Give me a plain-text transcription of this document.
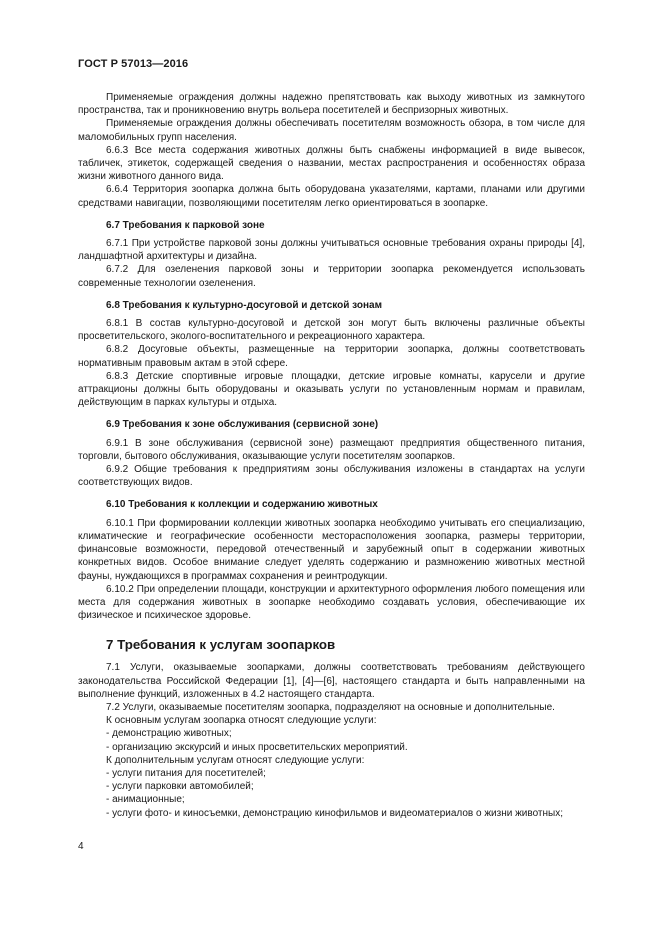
ГОСТ Р 57013—2016

Применяемые ограждения должны надежно препятствовать как выходу животных из замкнутого пространства, так и проникновению внутрь вольера посетителей и беспризорных животных.

Применяемые ограждения должны обеспечивать посетителям возможность обзора, в том числе для маломобильных групп населения.

6.6.3 Все места содержания животных должны быть снабжены информацией в виде вывесок, табличек, этикеток, содержащей сведения о названии, местах распространения и особенностях образа жизни животного данного вида.

6.6.4 Территория зоопарка должна быть оборудована указателями, картами, планами или другими средствами навигации, позволяющими посетителям легко ориентироваться в зоопарке.

6.7 Требования к парковой зоне

6.7.1 При устройстве парковой зоны должны учитываться основные требования охраны природы [4], ландшафтной архитектуры и дизайна.

6.7.2 Для озеленения парковой зоны и территории зоопарка рекомендуется использовать современные технологии озеленения.

6.8 Требования к культурно-досуговой и детской зонам

6.8.1 В состав культурно-досуговой и детской зон могут быть включены различные объекты просветительского, эколого-воспитательного и рекреационного характера.

6.8.2 Досуговые объекты, размещенные на территории зоопарка, должны соответствовать нормативным правовым актам в этой сфере.

6.8.3 Детские спортивные игровые площадки, детские игровые комнаты, карусели и другие аттракционы должны быть оборудованы и оказывать услуги по установленным нормам и правилам, действующим в парках культуры и отдыха.

6.9 Требования к зоне обслуживания (сервисной зоне)

6.9.1 В зоне обслуживания (сервисной зоне) размещают предприятия общественного питания, торговли, бытового обслуживания, оказывающие услуги посетителям зоопарков.

6.9.2 Общие требования к предприятиям зоны обслуживания изложены в стандартах на услуги соответствующих видов.

6.10 Требования к коллекции и содержанию животных

6.10.1 При формировании коллекции животных зоопарка необходимо учитывать его специализацию, климатические и географические особенности месторасположения зоопарка, размеры территории, финансовые возможности, передовой отечественный и зарубежный опыт в содержании животных конкретных видов. Особое внимание следует уделять содержанию и размножению животных местной фауны, нуждающихся в программах сохранения и реинтродукции.

6.10.2 При определении площади, конструкции и архитектурного оформления любого помещения или места для содержания животных в зоопарке необходимо создавать условия, обеспечивающие их физическое и психическое здоровье.

7 Требования к услугам зоопарков

7.1 Услуги, оказываемые зоопарками, должны соответствовать требованиям действующего законодательства Российской Федерации [1], [4]—[6], настоящего стандарта и быть направленными на выполнение функций, изложенных в 4.2 настоящего стандарта.

7.2 Услуги, оказываемые посетителям зоопарка, подразделяют на основные и дополнительные.

К основным услугам зоопарка относят следующие услуги:

- демонстрацию животных;

- организацию экскурсий и иных просветительских мероприятий.

К дополнительным услугам относят следующие услуги:

- услуги питания для посетителей;

- услуги парковки автомобилей;

- анимационные;

- услуги фото- и киносъемки, демонстрацию кинофильмов и видеоматериалов о жизни животных;

4
